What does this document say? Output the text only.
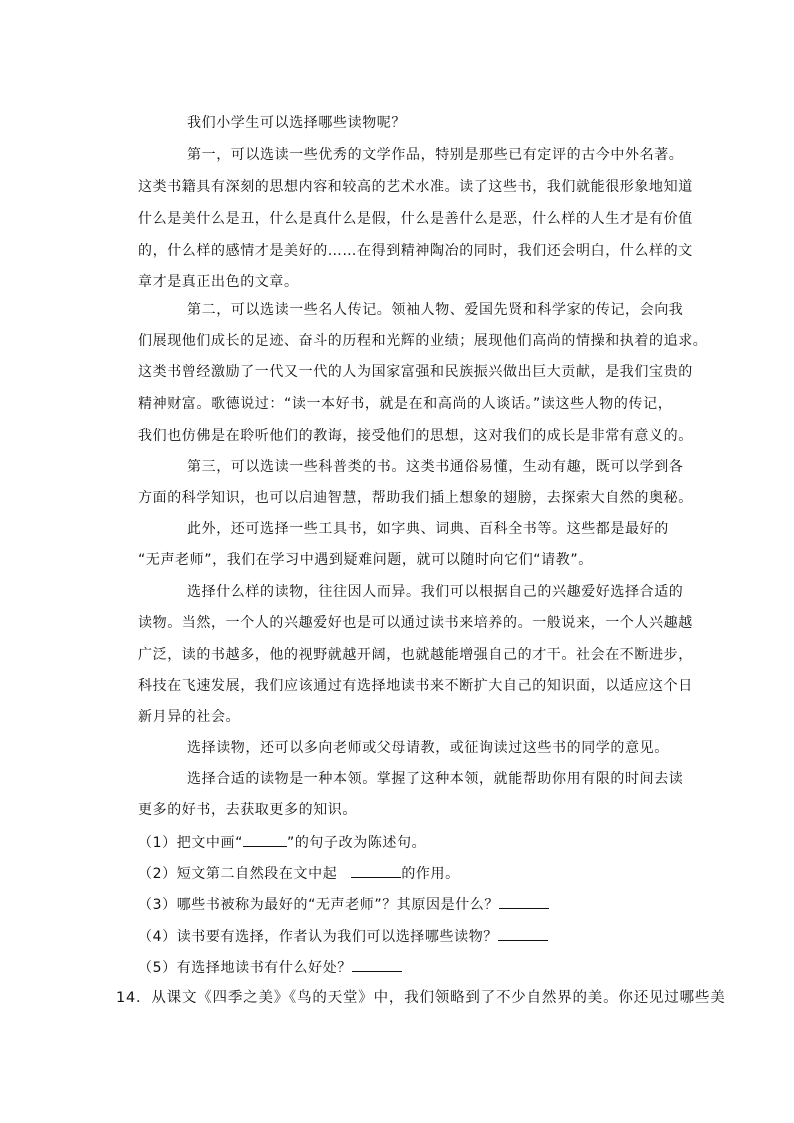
我们小学生可以选择哪些读物呢？
第一，可以选读一些优秀的文学作品，特别是那些已有定评的古今中外名著。
这类书籍具有深刻的思想内容和较高的艺术水准。读了这些书，我们就能很形象地知道
什么是美什么是丑，什么是真什么是假，什么是善什么是恶，什么样的人生才是有价值
的，什么样的感情才是美好的……在得到精神陶冶的同时，我们还会明白，什么样的文
章才是真正出色的文章。
第二，可以选读一些名人传记。领袖人物、爱国先贤和科学家的传记，会向我
们展现他们成长的足迹、奋斗的历程和光辉的业绩；展现他们高尚的情操和执着的追求。
这类书曾经激励了一代又一代的人为国家富强和民族振兴做出巨大贡献，是我们宝贵的
精神财富。歌德说过：“读一本好书，就是在和高尚的人谈话。”读这些人物的传记，
我们也仿佛是在聆听他们的教诲，接受他们的思想，这对我们的成长是非常有意义的。
第三，可以选读一些科普类的书。这类书通俗易懂，生动有趣，既可以学到各
方面的科学知识，也可以启迪智慧，帮助我们插上想象的翅膀，去探索大自然的奥秘。
此外，还可选择一些工具书，如字典、词典、百科全书等。这些都是最好的
“无声老师”，我们在学习中遇到疑难问题，就可以随时向它们“请教”。
选择什么样的读物，往往因人而异。我们可以根据自己的兴趣爱好选择合适的
读物。当然，一个人的兴趣爱好也是可以通过读书来培养的。一般说来，一个人兴趣越
广泛，读的书越多，他的视野就越开阔，也就越能增强自己的才干。社会在不断进步，
科技在飞速发展，我们应该通过有选择地读书来不断扩大自己的知识面，以适应这个日
新月异的社会。
选择读物，还可以多向老师或父母请教，或征询读过这些书的同学的意见。
选择合适的读物是一种本领。掌握了这种本领，就能帮助你用有限的时间去读
更多的好书，去获取更多的知识。
（1）把文中画“	”的句子改为陈述句。
（2）短文第二自然段在文中起	的作用。
（3）哪些书被称为最好的“无声老师”？其原因是什么？
（4）读书要有选择，作者认为我们可以选择哪些读物？
（5）有选择地读书有什么好处？
14．从课文《四季之美》《鸟的天堂》中，我们领略到了不少自然界的美。你还见过哪些美
